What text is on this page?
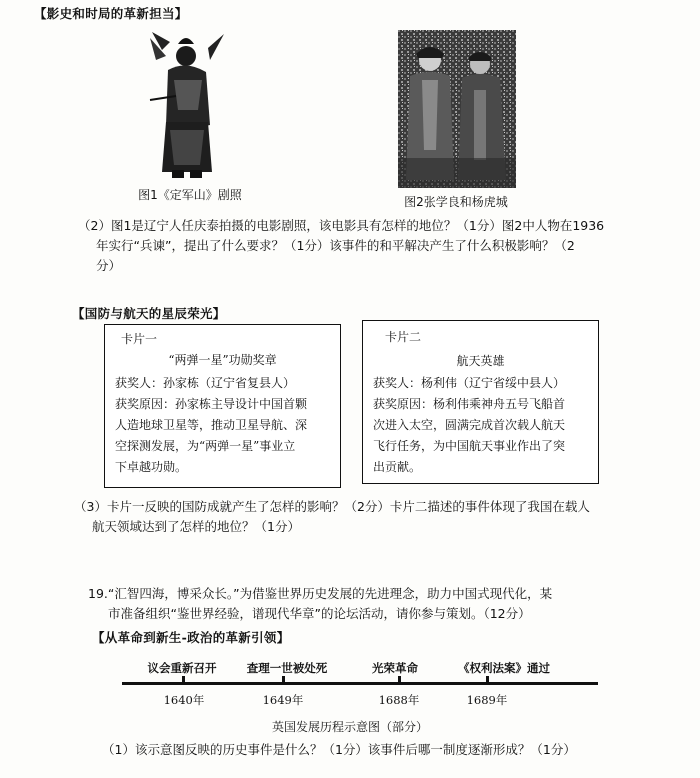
【影史和时局的革新担当】
图1《定军山》剧照	图2张学良和杨虎城
（2）图1是辽宁人任庆泰拍摄的电影剧照，该电影具有怎样的地位？（1分）图2中人物在1936
年实行“兵谏”，提出了什么要求？（1分）该事件的和平解决产生了什么积极影响？（2
分）
【国防与航天的星辰荣光】
卡片一
“两弹一星”功勋奖章
获奖人：孙家栋（辽宁省复县人）
获奖原因：孙家栋主导设计中国首颗
人造地球卫星等，推动卫星导航、深
空探测发展，为“两弹一星”事业立
下卓越功勋。
卡片二
航天英雄
获奖人：杨利伟（辽宁省绥中县人）
获奖原因：杨利伟乘神舟五号飞船首
次进入太空，圆满完成首次载人航天
飞行任务，为中国航天事业作出了突
出贡献。
（3）卡片一反映的国防成就产生了怎样的影响？（2分）卡片二描述的事件体现了我国在载人
航天领域达到了怎样的地位？（1分）
19.“汇智四海，博采众长。”为借鉴世界历史发展的先进理念，助力中国式现代化，某
市准备组织“鉴世界经验，谱现代华章”的论坛活动，请你参与策划。（12分）
【从革命到新生-政治的革新引领】
议会重新召开
1640年
查理一世被处死
1649年
光荣革命
1688年
《权利法案》通过
1689年
英国发展历程示意图（部分）
（1）该示意图反映的历史事件是什么？（1分）该事件后哪一制度逐渐形成？（1分）
